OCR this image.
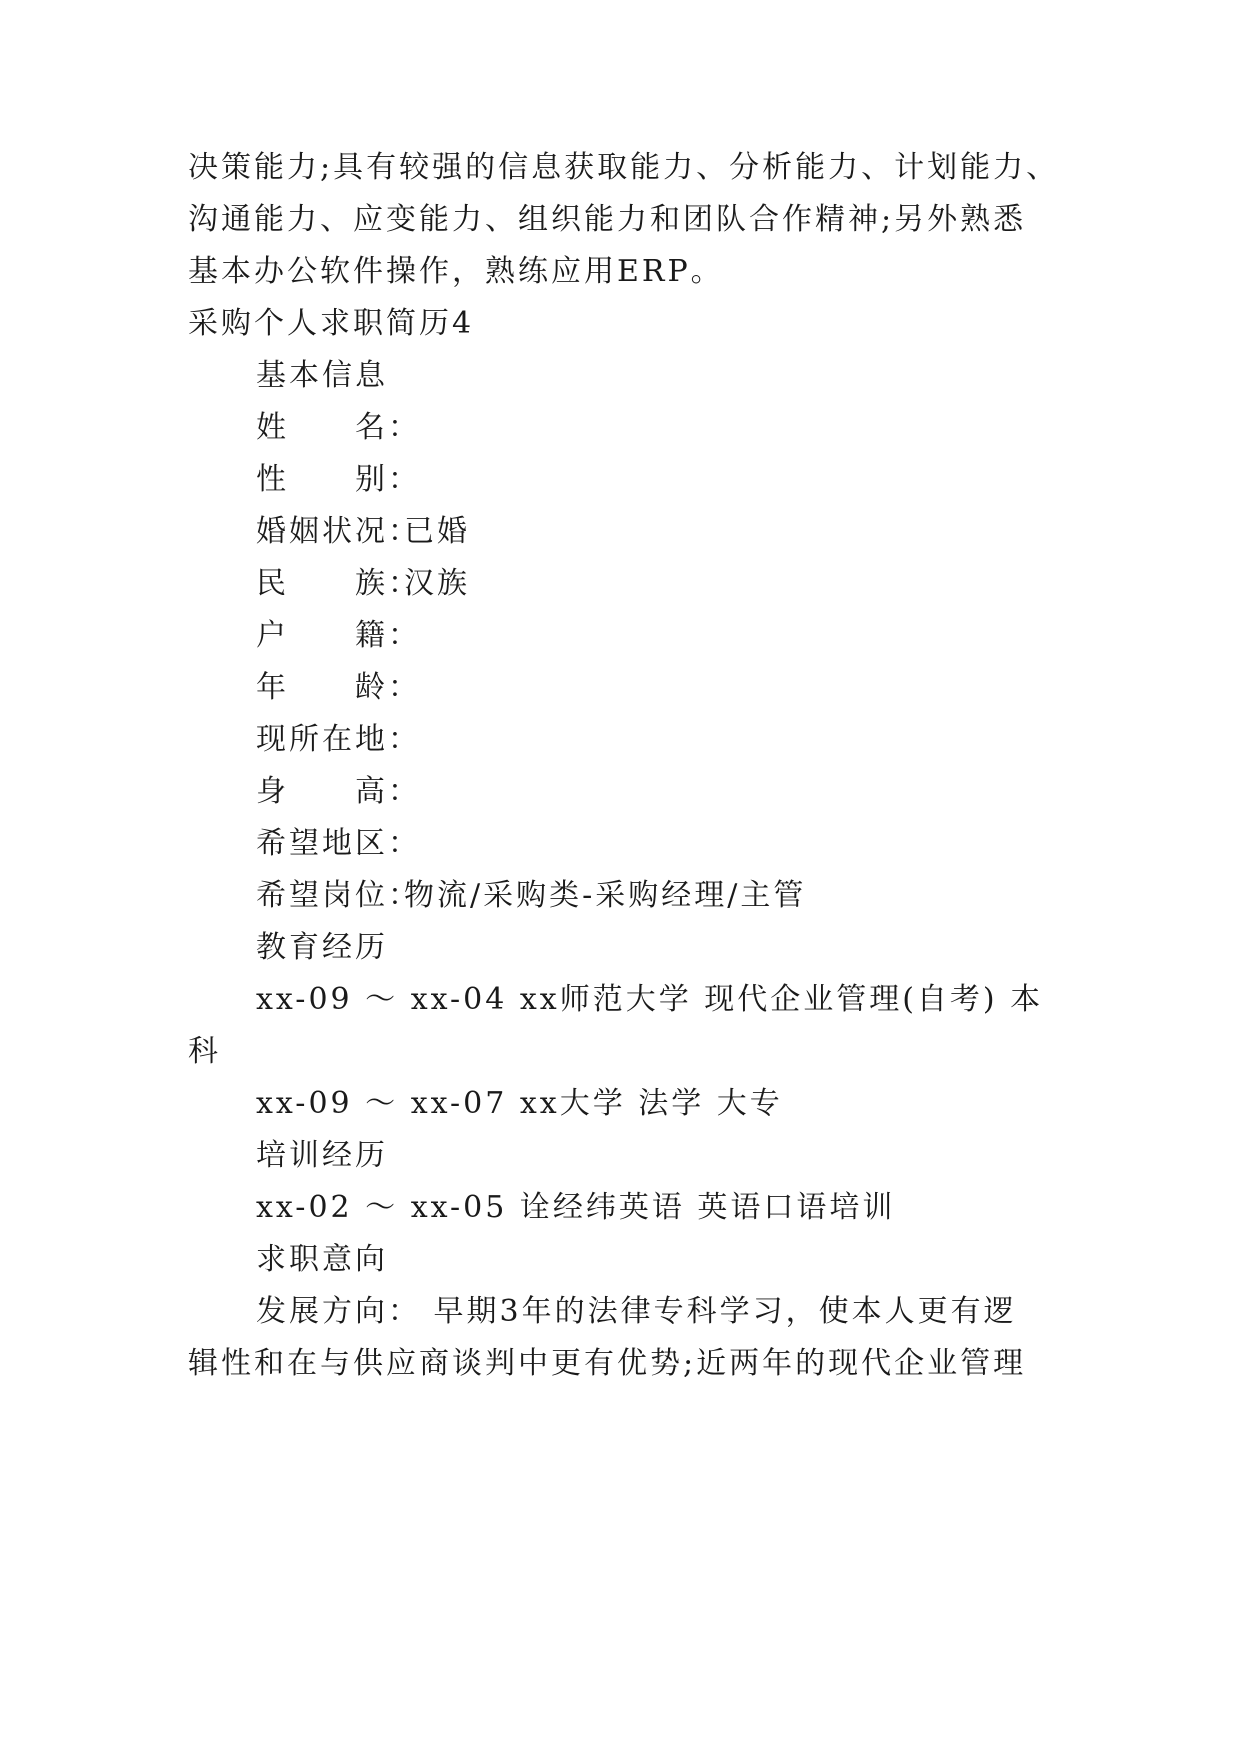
决策能力;具有较强的信息获取能力、分析能力、计划能力、
沟通能力、应变能力、组织能力和团队合作精神;另外熟悉
基本办公软件操作，熟练应用ERP。
采购个人求职简历4
基本信息
姓　　名：
性　　别：
婚姻状况：已婚
民　　族：汉族
户　　籍：
年　　龄：
现所在地：
身　　高：
希望地区：
希望岗位：物流/采购类-采购经理/主管
教育经历
xx-09 ～ xx-04 xx师范大学 现代企业管理(自考) 本
科
xx-09 ～ xx-07 xx大学 法学 大专
培训经历
xx-02 ～ xx-05 诠经纬英语 英语口语培训
求职意向
发展方向： 早期3年的法律专科学习，使本人更有逻
辑性和在与供应商谈判中更有优势;近两年的现代企业管理
